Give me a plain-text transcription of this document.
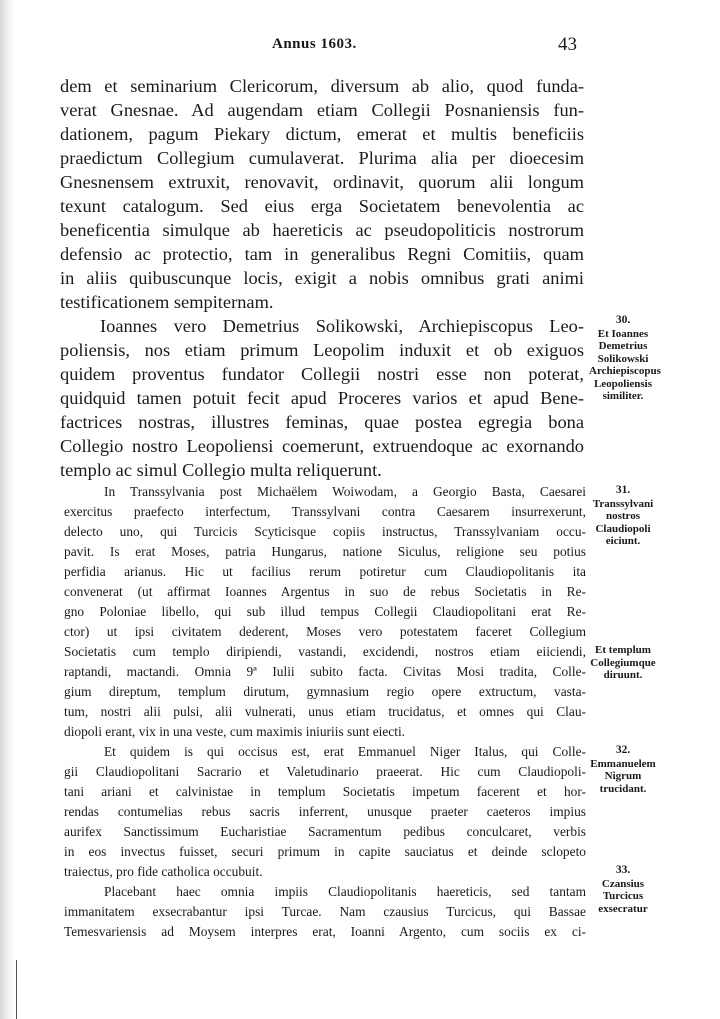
Annus 1603.	43
dem et seminarium Clericorum, diversum ab alio, quod funda-
verat Gnesnae. Ad augendam etiam Collegii Posnaniensis fun-
dationem, pagum Piekary dictum, emerat et multis beneficiis
praedictum Collegium cumulaverat. Plurima alia per dioecesim
Gnesnensem extruxit, renovavit, ordinavit, quorum alii longum
texunt catalogum. Sed eius erga Societatem benevolentia ac
beneficentia simulque ab haereticis ac pseudopoliticis nostrorum
defensio ac protectio, tam in generalibus Regni Comitiis, quam
in aliis quibuscunque locis, exigit a nobis omnibus grati animi
testificationem sempiternam.
Ioannes vero Demetrius Solikowski, Archiepiscopus Leo-
poliensis, nos etiam primum Leopolim induxit et ob exiguos
quidem proventus fundator Collegii nostri esse non poterat,
quidquid tamen potuit fecit apud Proceres varios et apud Bene-
factrices nostras, illustres feminas, quae postea egregia bona
Collegio nostro Leopoliensi coemerunt, extruendoque ac exornando
templo ac simul Collegio multa reliquerunt.
In Transsylvania post Michaëlem Woiwodam, a Georgio Basta, Caesarei
exercitus praefecto interfectum, Transsylvani contra Caesarem insurrexerunt,
delecto uno, qui Turcicis Scyticisque copiis instructus, Transsylvaniam occu-
pavit. Is erat Moses, patria Hungarus, natione Siculus, religione seu potius
perfidia arianus. Hic ut facilius rerum potiretur cum Claudiopolitanis ita
convenerat (ut affirmat Ioannes Argentus in suo de rebus Societatis in Re-
gno Poloniae libello, qui sub illud tempus Collegii Claudiopolitani erat Re-
ctor) ut ipsi civitatem dederent, Moses vero potestatem faceret Collegium
Societatis cum templo diripiendi, vastandi, excidendi, nostros etiam eiiciendi,
raptandi, mactandi. Omnia 9ª Iulii subito facta. Civitas Mosi tradita, Colle-
gium direptum, templum dirutum, gymnasium regio opere extructum, vasta-
tum, nostri alii pulsi, alii vulnerati, unus etiam trucidatus, et omnes qui Clau-
diopoli erant, vix in una veste, cum maximis iniuriis sunt eiecti.
Et quidem is qui occisus est, erat Emmanuel Niger Italus, qui Colle-
gii Claudiopolitani Sacrario et Valetudinario praeerat. Hic cum Claudiopoli-
tani ariani et calvinistae in templum Societatis impetum facerent et hor-
rendas contumelias rebus sacris inferrent, unusque praeter caeteros impius
aurifex Sanctissimum Eucharistiae Sacramentum pedibus conculcaret, verbis
in eos invectus fuisset, securi primum in capite sauciatus et deinde sclopeto
traiectus, pro fide catholica occubuit.
Placebant haec omnia impiis Claudiopolitanis haereticis, sed tantam
immanitatem exsecrabantur ipsi Turcae. Nam czausius Turcicus, qui Bassae
Temesvariensis ad Moysem interpres erat, Ioanni Argento, cum sociis ex ci-
30.
Et Ioannes Demetrius Solikowski Archiepiscopus Leopoliensis similiter.
31.
Transsylvani nostros Claudiopoli eiciunt.
Et templum Collegiumque diruunt.
32.
Emmanuelem Nigrum trucidant.
33.
Czansius Turcicus exsecratur
